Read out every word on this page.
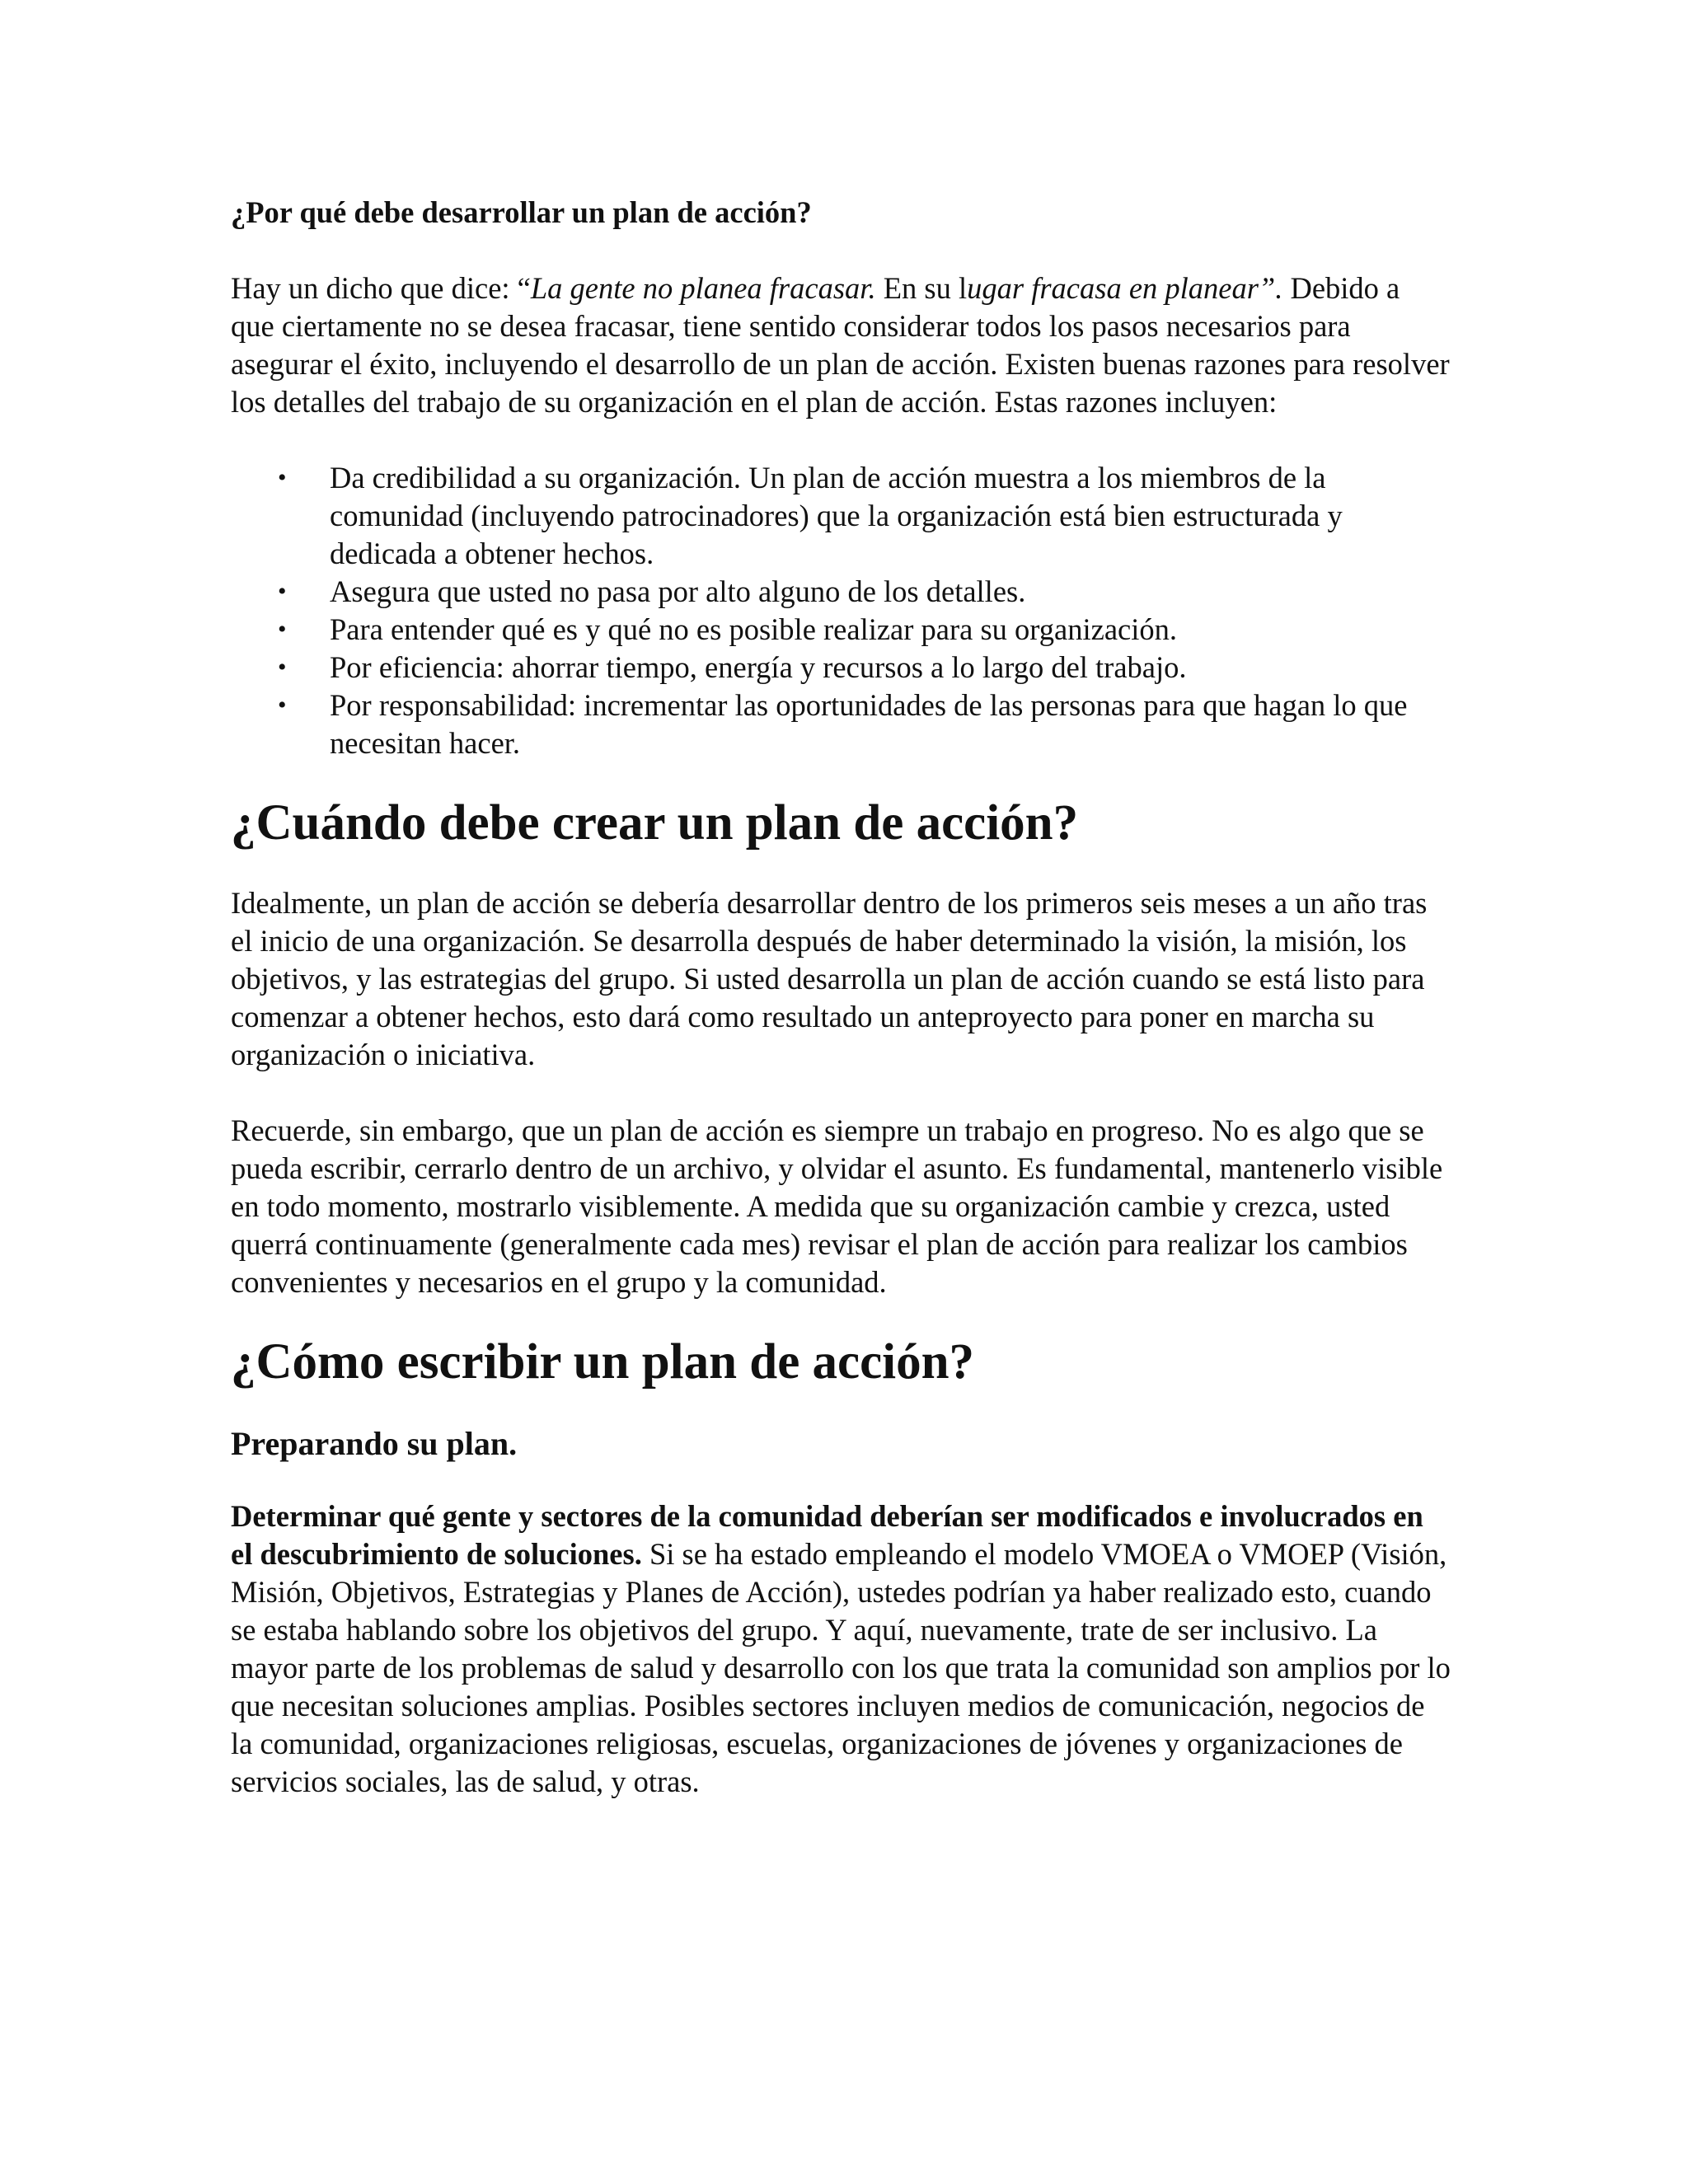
¿Por qué debe desarrollar un plan de acción?

Hay un dicho que dice: “La gente no planea fracasar. En su lugar fracasa en planear”. Debido a que ciertamente no se desea fracasar, tiene sentido considerar todos los pasos necesarios para asegurar el éxito, incluyendo el desarrollo de un plan de acción. Existen buenas razones para resolver los detalles del trabajo de su organización en el plan de acción. Estas razones incluyen:

• Da credibilidad a su organización. Un plan de acción muestra a los miembros de la comunidad (incluyendo patrocinadores) que la organización está bien estructurada y dedicada a obtener hechos.
• Asegura que usted no pasa por alto alguno de los detalles.
• Para entender qué es y qué no es posible realizar para su organización.
• Por eficiencia: ahorrar tiempo, energía y recursos a lo largo del trabajo.
• Por responsabilidad: incrementar las oportunidades de las personas para que hagan lo que necesitan hacer.
¿Cuándo debe crear un plan de acción?

Idealmente, un plan de acción se debería desarrollar dentro de los primeros seis meses a un año tras el inicio de una organización. Se desarrolla después de haber determinado la visión, la misión, los objetivos, y las estrategias del grupo. Si usted desarrolla un plan de acción cuando se está listo para comenzar a obtener hechos, esto dará como resultado un anteproyecto para poner en marcha su organización o iniciativa.

Recuerde, sin embargo, que un plan de acción es siempre un trabajo en progreso. No es algo que se pueda escribir, cerrarlo dentro de un archivo, y olvidar el asunto. Es fundamental, mantenerlo visible en todo momento, mostrarlo visiblemente. A medida que su organización cambie y crezca, usted querrá continuamente (generalmente cada mes) revisar el plan de acción para realizar los cambios convenientes y necesarios en el grupo y la comunidad.

¿Cómo escribir un plan de acción?
Preparando su plan.

Determinar qué gente y sectores de la comunidad deberían ser modificados e involucrados en el descubrimiento de soluciones. Si se ha estado empleando el modelo VMOEA o VMOEP (Visión, Misión, Objetivos, Estrategias y Planes de Acción), ustedes podrían ya haber realizado esto, cuando se estaba hablando sobre los objetivos del grupo. Y aquí, nuevamente, trate de ser inclusivo. La mayor parte de los problemas de salud y desarrollo con los que trata la comunidad son amplios por lo que necesitan soluciones amplias. Posibles sectores incluyen medios de comunicación, negocios de la comunidad, organizaciones religiosas, escuelas, organizaciones de jóvenes y organizaciones de servicios sociales, las de salud, y otras.
